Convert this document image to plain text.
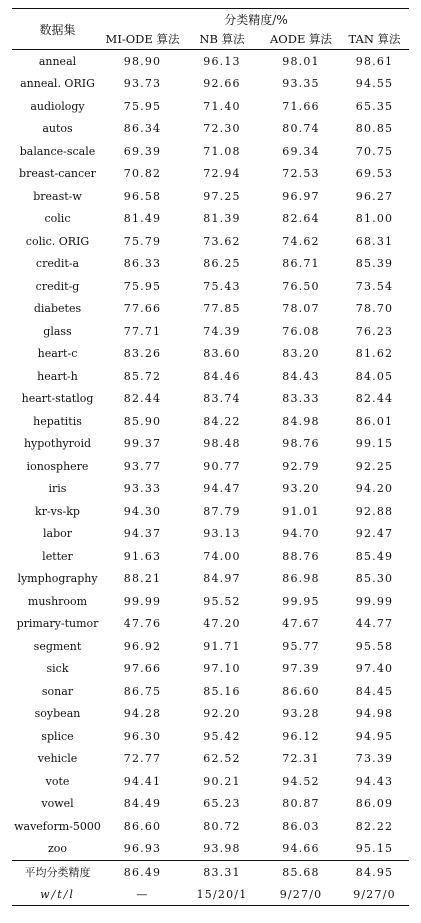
数据集	分类精度/%			
	MI-ODE 算法	NB 算法	AODE 算法	TAN 算法
anneal	98.90	96.13	98.01	98.61
anneal. ORIG	93.73	92.66	93.35	94.55
audiology	75.95	71.40	71.66	65.35
autos	86.34	72.30	80.74	80.85
balance-scale	69.39	71.08	69.34	70.75
breast-cancer	70.82	72.94	72.53	69.53
breast-w	96.58	97.25	96.97	96.27
colic	81.49	81.39	82.64	81.00
colic. ORIG	75.79	73.62	74.62	68.31
credit-a	86.33	86.25	86.71	85.39
credit-g	75.95	75.43	76.50	73.54
diabetes	77.66	77.85	78.07	78.70
glass	77.71	74.39	76.08	76.23
heart-c	83.26	83.60	83.20	81.62
heart-h	85.72	84.46	84.43	84.05
heart-statlog	82.44	83.74	83.33	82.44
hepatitis	85.90	84.22	84.98	86.01
hypothyroid	99.37	98.48	98.76	99.15
ionosphere	93.77	90.77	92.79	92.25
iris	93.33	94.47	93.20	94.20
kr-vs-kp	94.30	87.79	91.01	92.88
labor	94.37	93.13	94.70	92.47
letter	91.63	74.00	88.76	85.49
lymphography	88.21	84.97	86.98	85.30
mushroom	99.99	95.52	99.95	99.99
primary-tumor	47.76	47.20	47.67	44.77
segment	96.92	91.71	95.77	95.58
sick	97.66	97.10	97.39	97.40
sonar	86.75	85.16	86.60	84.45
soybean	94.28	92.20	93.28	94.98
splice	96.30	95.42	96.12	94.95
vehicle	72.77	62.52	72.31	73.39
vote	94.41	90.21	94.52	94.43
vowel	84.49	65.23	80.87	86.09
waveform-5000	86.60	80.72	86.03	82.22
zoo	96.93	93.98	94.66	95.15
平均分类精度	86.49	83.31	85.68	84.95
w/t/l	—	15/20/1	9/27/0	9/27/0
